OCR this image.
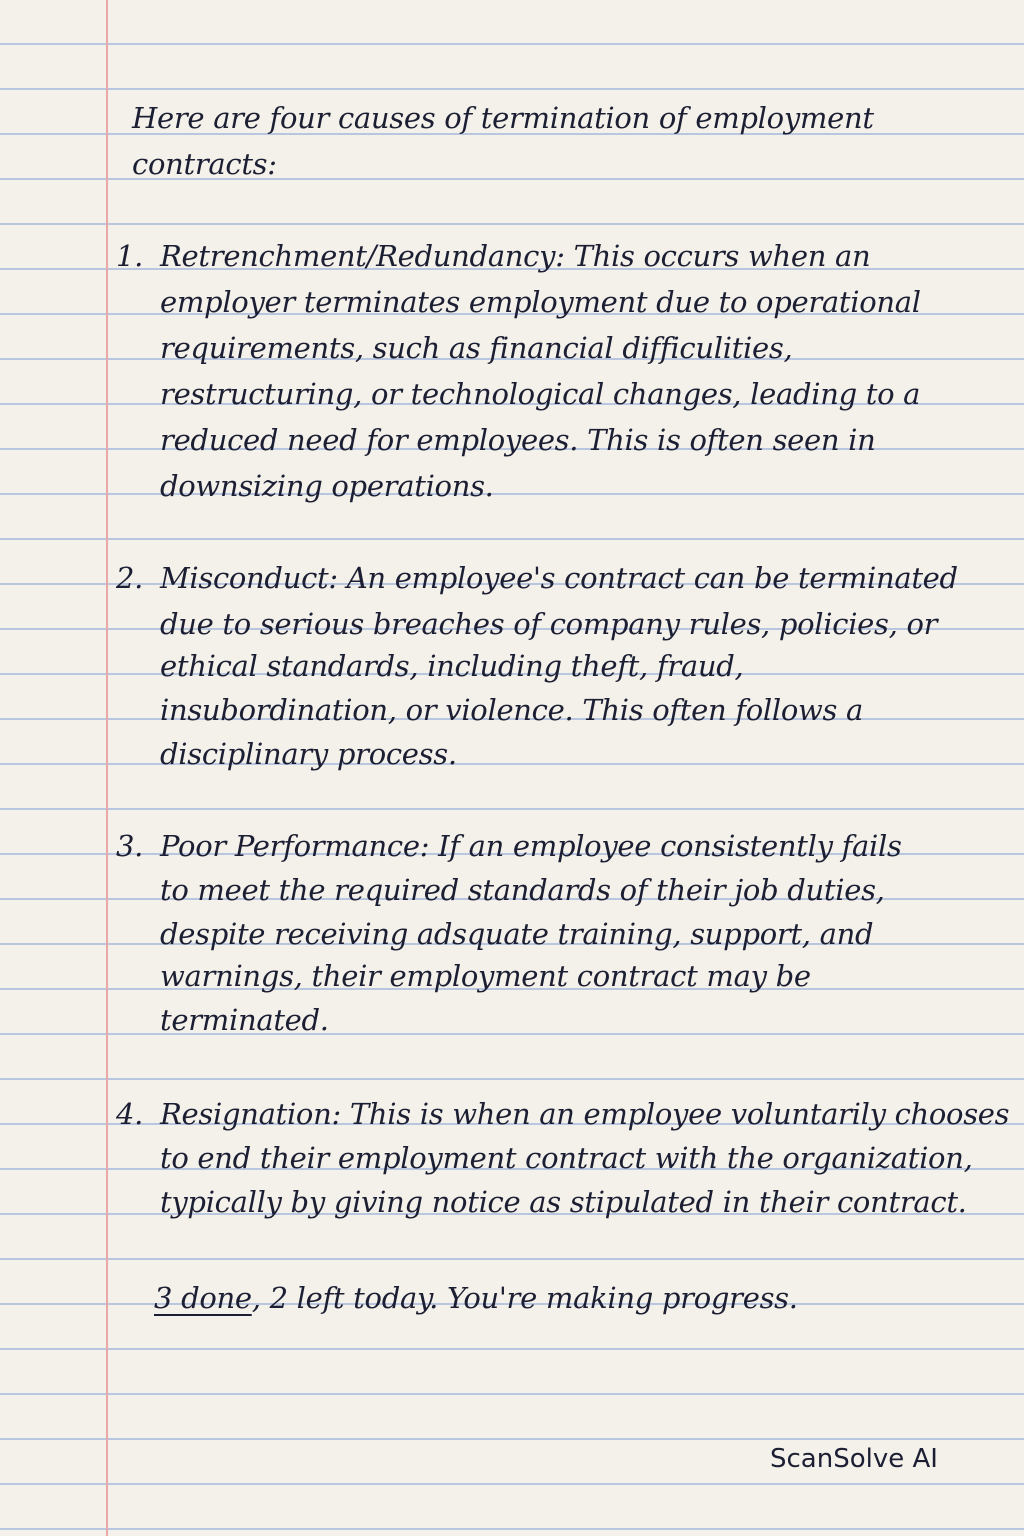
Here are four causes of termination of employment
contracts:
1. Retrenchment/Redundancy: This occurs when an
employer terminates employment due to operational
requirements, such as financial difficulities,
restructuring, or technological changes, leading to a
reduced need for employees. This is often seen in
downsizing operations.
2. Misconduct: An employee's contract can be terminated
due to serious breaches of company rules, policies, or
ethical standards, including theft, fraud,
insubordination, or violence. This often follows a
disciplinary process.
3. Poor Performance: If an employee consistently fails
to meet the required standards of their job duties,
despite receiving adsquate training, support, and
warnings, their employment contract may be
terminated.
4. Resignation: This is when an employee voluntarily chooses
to end their employment contract with the organization,
typically by giving notice as stipulated in their contract.
3 done, 2 left today. You're making progress.
ScanSolve AI
